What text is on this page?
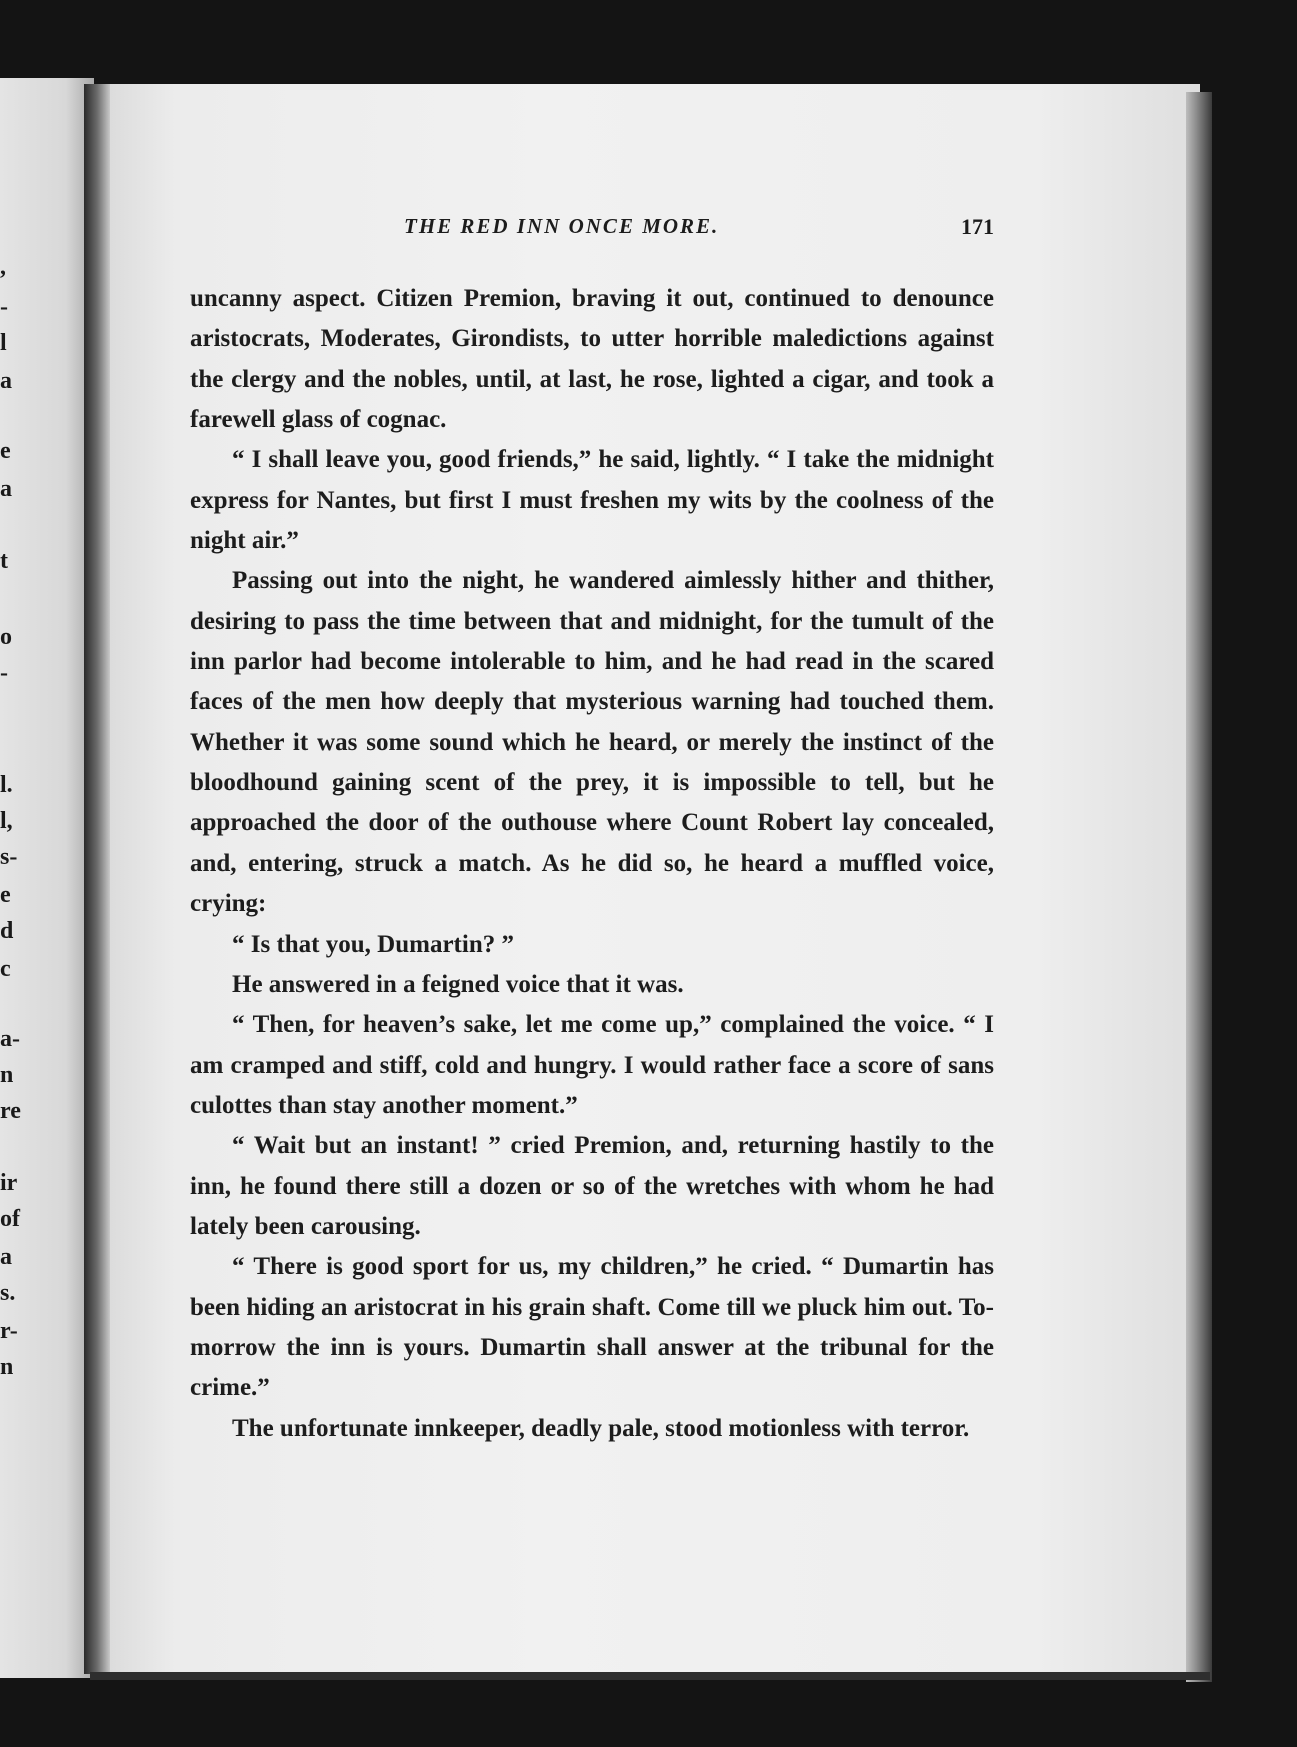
,
-
l
a
e
a
t
o
-
l.
l,
s-
e
d
c
a-
n
re
ir
of
a
s.
r-
n
THE RED INN ONCE MORE.	171

uncanny aspect. Citizen Premion, braving it out, continued to denounce aristocrats, Moderates, Girondists, to utter horrible maledictions against the clergy and the nobles, until, at last, he rose, lighted a cigar, and took a farewell glass of cognac.

“ I shall leave you, good friends,” he said, lightly. “ I take the midnight express for Nantes, but first I must freshen my wits by the coolness of the night air.”

Passing out into the night, he wandered aimlessly hither and thither, desiring to pass the time between that and midnight, for the tumult of the inn parlor had become intolerable to him, and he had read in the scared faces of the men how deeply that mysterious warning had touched them. Whether it was some sound which he heard, or merely the instinct of the bloodhound gaining scent of the prey, it is impossible to tell, but he approached the door of the outhouse where Count Robert lay concealed, and, entering, struck a match. As he did so, he heard a muffled voice, crying:

“ Is that you, Dumartin? ”

He answered in a feigned voice that it was.

“ Then, for heaven’s sake, let me come up,” complained the voice. “ I am cramped and stiff, cold and hungry. I would rather face a score of sans culottes than stay another moment.”

“ Wait but an instant! ” cried Premion, and, returning hastily to the inn, he found there still a dozen or so of the wretches with whom he had lately been carousing.

“ There is good sport for us, my children,” he cried. “ Dumartin has been hiding an aristocrat in his grain shaft. Come till we pluck him out. To-morrow the inn is yours. Dumartin shall answer at the tribunal for the crime.”

The unfortunate innkeeper, deadly pale, stood motionless with terror.
